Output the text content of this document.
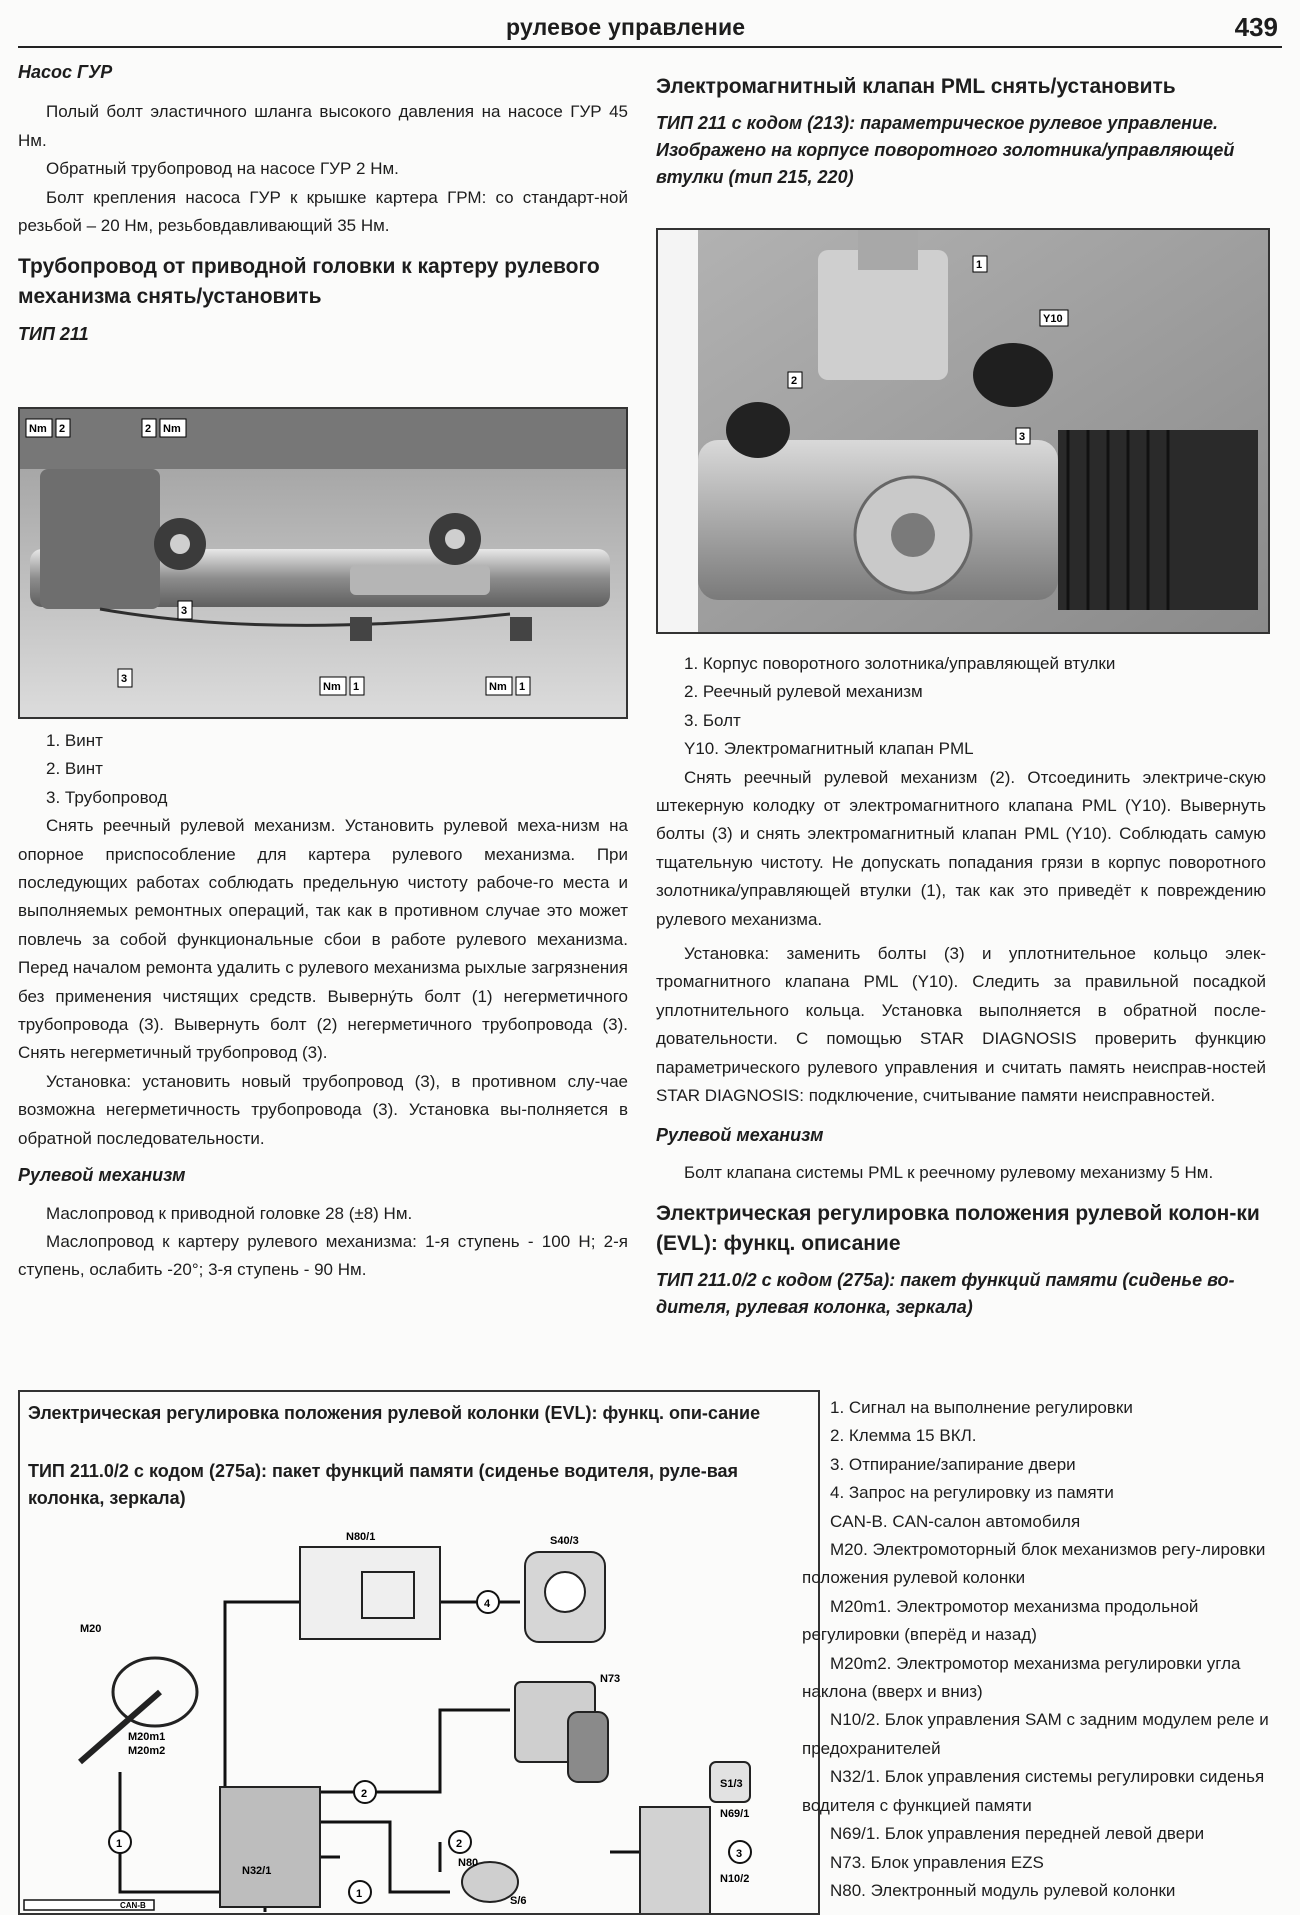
рулевое управление	439
Насос ГУР

Полый болт эластичного шланга высокого давления на насосе ГУР 45 Нм.

Обратный трубопровод на насосе ГУР 2 Нм.

Болт крепления насоса ГУР к крышке картера ГРМ: со стандарт-ной резьбой – 20 Нм, резьбовдавливающий 35 Нм.

Трубопровод от приводной головки к картеру рулевого механизма снять/установить
ТИП 211
Nm 2	2 Nm
3
3
Nm 1	Nm 1
1. Винт
2. Винт
3. Трубопровод

Снять реечный рулевой механизм. Установить рулевой меха-низм на опорное приспособление для картера рулевого механизма. При последующих работах соблюдать предельную чистоту рабоче-го места и выполняемых ремонтных операций, так как в противном случае это может повлечь за собой функциональные сбои в работе рулевого механизма. Перед началом ремонта удалить с рулевого механизма рыхлые загрязнения без применения чистящих средств. Выверну́ть болт (1) негерметичного трубопровода (3). Вывернуть болт (2) негерметичного трубопровода (3). Снять негерметичный трубопровод (3).

Установка: установить новый трубопровод (3), в противном слу-чае возможна негерметичность трубопровода (3). Установка вы-полняется в обратной последовательности.

Рулевой механизм

Маслопровод к приводной головке 28 (±8) Нм.

Маслопровод к картеру рулевого механизма: 1-я ступень - 100 Н; 2-я ступень, ослабить -20°; 3-я ступень - 90 Нм.

Электромагнитный клапан PML снять/установить
ТИП 211 с кодом (213): параметрическое рулевое управление. Изображено на корпусе поворотного золотника/управляющей втулки (тип 215, 220)
1
Y10
2
3
1. Корпус поворотного золотника/управляющей втулки
2. Реечный рулевой механизм
3. Болт
Y10. Электромагнитный клапан PML

Снять реечный рулевой механизм (2). Отсоединить электриче-скую штекерную колодку от электромагнитного клапана PML (Y10). Вывернуть болты (3) и снять электромагнитный клапан PML (Y10). Соблюдать самую тщательную чистоту. Не допускать попадания грязи в корпус поворотного золотника/управляющей втулки (1), так как это приведёт к повреждению рулевого механизма.

Установка: заменить болты (3) и уплотнительное кольцо элек-тромагнитного клапана PML (Y10). Следить за правильной посадкой уплотнительного кольца. Установка выполняется в обратной после-довательности. С помощью STAR DIAGNOSIS проверить функцию параметрического рулевого управления и считать память неисправ-ностей STAR DIAGNOSIS: подключение, считывание памяти неисправностей.

Рулевой механизм

Болт клапана системы PML к реечному рулевому механизму 5 Нм.

Электрическая регулировка положения рулевой колон-ки (EVL): функц. описание
ТИП 211.0/2 с кодом (275a): пакет функций памяти (сиденье во-дителя, рулевая колонка, зеркала)
Электрическая регулировка положения рулевой колонки (EVL): функц. опи-сание
ТИП 211.0/2 с кодом (275a): пакет функций памяти (сиденье водителя, руле-вая колонка, зеркала)
1
2
4
3
2
1
N80/1	S40/3
M20
M20m1
M20m2
N73
S1/3
N32/1
N69/1
N10/2
N80
S/6
CAN-B
1. Сигнал на выполнение регулировки
2. Клемма 15 ВКЛ.
3. Отпирание/запирание двери
4. Запрос на регулировку из памяти
CAN-B. CAN-салон автомобиля
M20. Электромоторный блок механизмов регу-лировки положения рулевой колонки
M20m1. Электромотор механизма продольной регулировки (вперёд и назад)
M20m2. Электромотор механизма регулировки угла наклона (вверх и вниз)
N10/2. Блок управления SAM с задним модулем реле и предохранителей
N32/1. Блок управления системы регулировки сиденья водителя с функцией памяти
N69/1. Блок управления передней левой двери
N73. Блок управления EZS
N80. Электронный модуль рулевой колонки
